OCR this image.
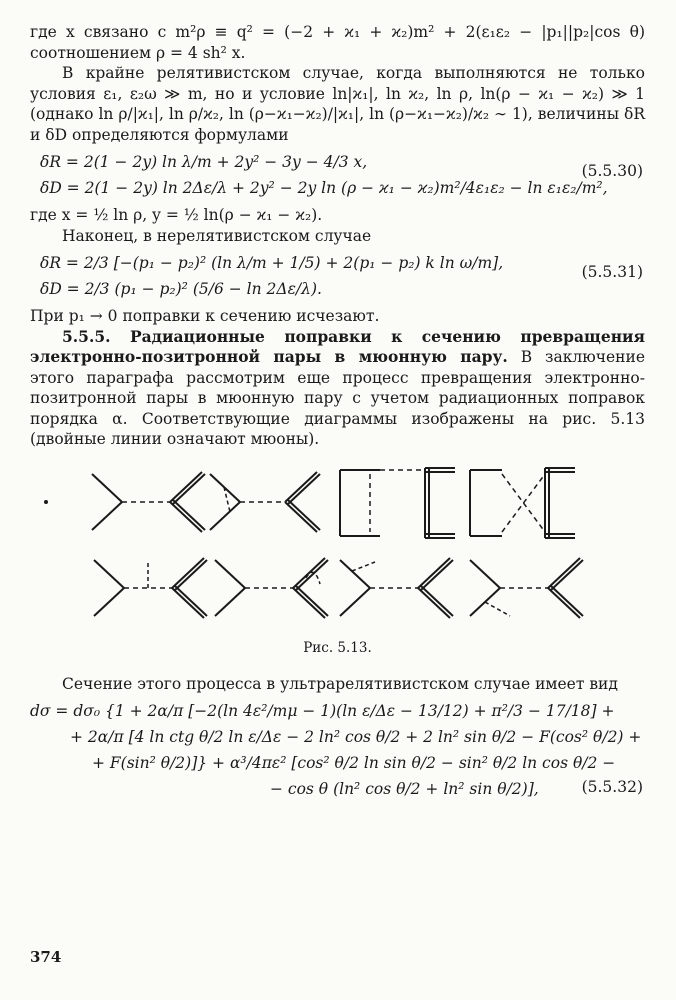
где x связано с m²ρ ≡ q² = (−2 + ϰ₁ + ϰ₂)m² + 2(ε₁ε₂ − |p₁||p₂|cos θ) соотношением ρ = 4 sh² x.

В крайне релятивистском случае, когда выполняются не только условия ε₁, ε₂ω ≫ m, но и условие ln|ϰ₁|, ln ϰ₂, ln ρ, ln(ρ − ϰ₁ − ϰ₂) ≫ 1 (однако ln ρ/|ϰ₁|, ln ρ/ϰ₂, ln (ρ−ϰ₁−ϰ₂)/|ϰ₁|, ln (ρ−ϰ₁−ϰ₂)/ϰ₂ ∼ 1), величины δR и δD определяются формулами

δR = 2(1 − 2y) ln λ/m + 2y² − 3y − 4/3 x,
δD = 2(1 − 2y) ln 2Δε/λ + 2y² − 2y ln (ρ − ϰ₁ − ϰ₂)m²/4ε₁ε₂ − ln ε₁ε₂/m²,
(5.5.30)

где x = ½ ln ρ, y = ½ ln(ρ − ϰ₁ − ϰ₂).

Наконец, в нерелятивистском случае

δR = 2/3 [−(p₁ − p₂)² (ln λ/m + 1/5) + 2(p₁ − p₂) k ln ω/m],
δD = 2/3 (p₁ − p₂)² (5/6 − ln 2Δε/λ).
(5.5.31)

При p₁ → 0 поправки к сечению исчезают.

5.5.5. Радиационные поправки к сечению превращения электронно-позитронной пары в мюонную пару. В заключение этого параграфа рассмотрим еще процесс превращения электронно-позитронной пары в мюонную пару с учетом радиационных поправок порядка α. Соответствующие диаграммы изображены на рис. 5.13 (двойные линии означают мюоны).

Рис. 5.13.

Сечение этого процесса в ультрарелятивистском случае имеет вид

dσ = dσ₀ {1 + 2α/π [−2(ln 4ε²/mμ − 1)(ln ε/Δε − 13/12) + π²/3 − 17/18] +
+ 2α/π [4 ln ctg θ/2 ln ε/Δε − 2 ln² cos θ/2 + 2 ln² sin θ/2 − F(cos² θ/2) +
+ F(sin² θ/2)]} + α³/4πε² [cos² θ/2 ln sin θ/2 − sin² θ/2 ln cos θ/2 −
− cos θ (ln² cos θ/2 + ln² sin θ/2)],	(5.5.32)
374
